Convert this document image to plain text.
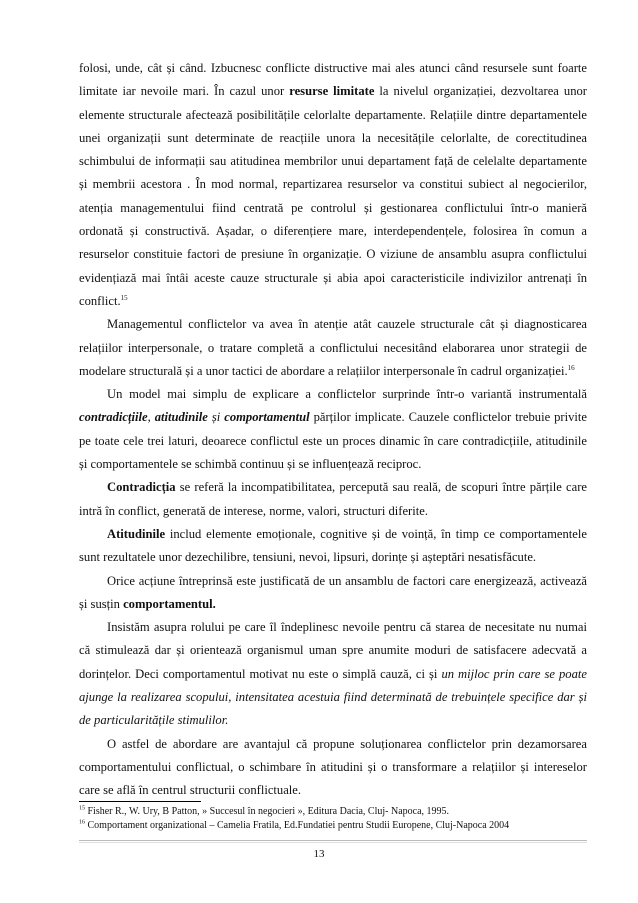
folosi, unde, cât și când. Izbucnesc conflicte distructive mai ales atunci când resursele sunt foarte limitate iar nevoile mari. În cazul unor resurse limitate la nivelul organizației, dezvoltarea unor elemente structurale afectează posibilitățile celorlalte departamente. Relațiile dintre departamentele unei organizații sunt determinate de reacțiile unora la necesitățile celorlalte, de corectitudinea schimbului de informații sau atitudinea membrilor unui departament față de celelalte departamente și membrii acestora . În mod normal, repartizarea resurselor va constitui subiect al negocierilor, atenția managementului fiind centrată pe controlul și gestionarea conflictului într-o manieră ordonată și constructivă. Așadar, o diferențiere mare, interdependențele, folosirea în comun a resurselor constituie factori de presiune în organizație. O viziune de ansamblu asupra conflictului evidențiază mai întâi aceste cauze structurale și abia apoi caracteristicile indivizilor antrenați în conflict.$^{15}$

Managementul conflictelor va avea în atenție atât cauzele structurale cât și diagnosticarea relațiilor interpersonale, o tratare completă a conflictului necesitând elaborarea unor strategii de modelare structurală și a unor tactici de abordare a relațiilor interpersonale în cadrul organizației.$^{16}$

Un model mai simplu de explicare a conflictelor surprinde într-o variantă instrumentală contradicțiile, atitudinile și comportamentul părților implicate. Cauzele conflictelor trebuie privite pe toate cele trei laturi, deoarece conflictul este un proces dinamic în care contradicțiile, atitudinile și comportamentele se schimbă continuu și se influențează reciproc.

Contradicția se referă la incompatibilitatea, percepută sau reală, de scopuri între părțile care intră în conflict, generată de interese, norme, valori, structuri diferite.

Atitudinile includ elemente emoționale, cognitive și de voință, în timp ce comportamentele sunt rezultatele unor dezechilibre, tensiuni, nevoi, lipsuri, dorințe și așteptări nesatisfăcute.

Orice acțiune întreprinsă este justificată de un ansamblu de factori care energizează, activează și susțin comportamentul.

Insistăm asupra rolului pe care îl îndeplinesc nevoile pentru că starea de necesitate nu numai că stimulează dar și orientează organismul uman spre anumite moduri de satisfacere adecvată a dorințelor. Deci comportamentul motivat nu este o simplă cauză, ci și un mijloc prin care se poate ajunge la realizarea scopului, intensitatea acestuia fiind determinată de trebuințele specifice dar și de particularitățile stimulilor.

O astfel de abordare are avantajul că propune soluționarea conflictelor prin dezamorsarea comportamentului conflictual, o schimbare în atitudini și o transformare a relațiilor și intereselor care se află în centrul structurii conflictuale.

$^{15}$ Fisher R., W. Ury, B Patton, » Succesul în negocieri », Editura Dacia, Cluj- Napoca, 1995.
$^{16}$ Comportament organizational – Camelia Fratila, Ed.Fundatiei pentru Studii Europene, Cluj-Napoca 2004
13
